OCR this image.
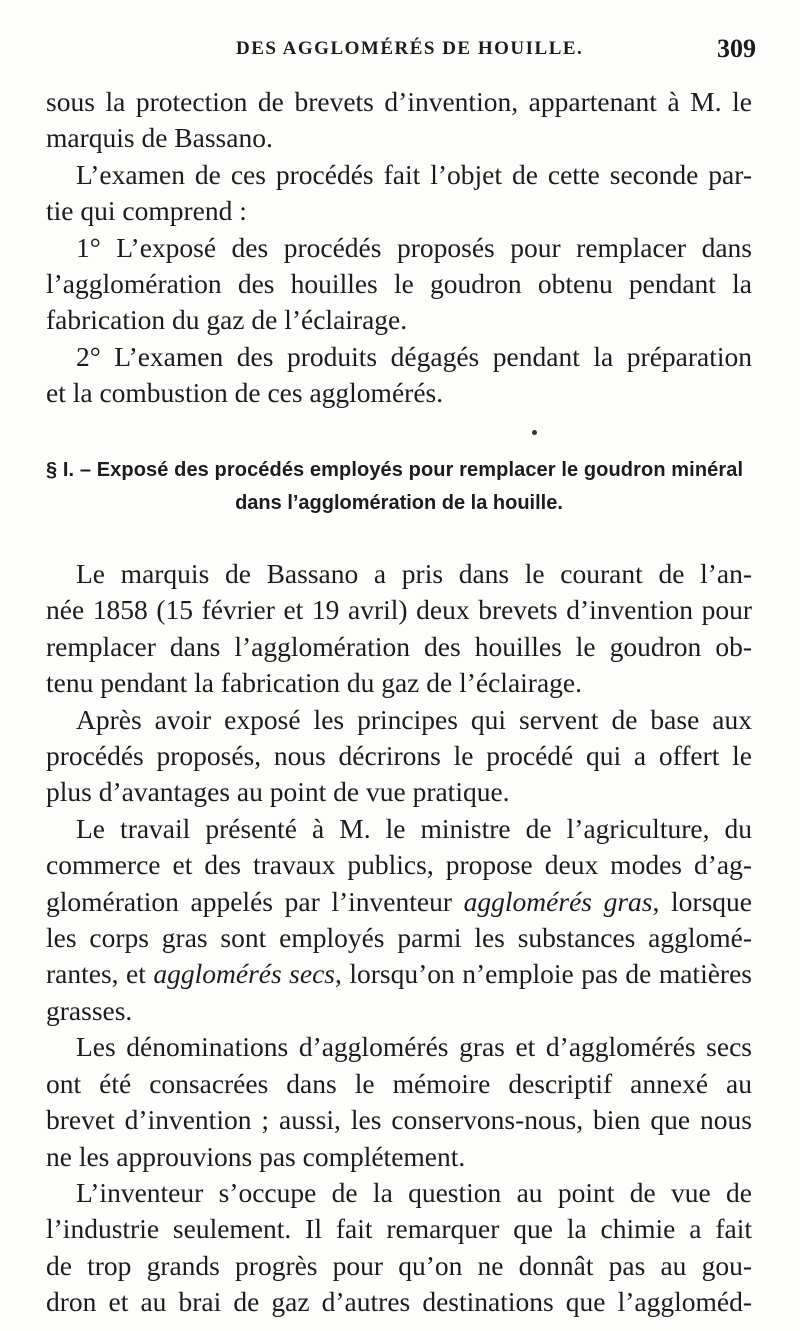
DES AGGLOMÉRÉS DE HOUILLE.	309
sous la protection de brevets d’invention, appartenant à M. le
marquis de Bassano.
L’examen de ces procédés fait l’objet de cette seconde par-
tie qui comprend :
1° L’exposé des procédés proposés pour remplacer dans
l’agglomération des houilles le goudron obtenu pendant la
fabrication du gaz de l’éclairage.
2° L’examen des produits dégagés pendant la préparation
et la combustion de ces agglomérés.
§ I. – Exposé des procédés employés pour remplacer le goudron minéral
dans l’agglomération de la houille.
Le marquis de Bassano a pris dans le courant de l’an-
née 1858 (15 février et 19 avril) deux brevets d’invention pour
remplacer dans l’agglomération des houilles le goudron ob-
tenu pendant la fabrication du gaz de l’éclairage.
Après avoir exposé les principes qui servent de base aux
procédés proposés, nous décrirons le procédé qui a offert le
plus d’avantages au point de vue pratique.
Le travail présenté à M. le ministre de l’agriculture, du
commerce et des travaux publics, propose deux modes d’ag-
glomération appelés par l’inventeur agglomérés gras, lorsque
les corps gras sont employés parmi les substances agglomé-
rantes, et agglomérés secs, lorsqu’on n’emploie pas de matières
grasses.
Les dénominations d’agglomérés gras et d’agglomérés secs
ont été consacrées dans le mémoire descriptif annexé au
brevet d’invention ; aussi, les conservons-nous, bien que nous
ne les approuvions pas complétement.
L’inventeur s’occupe de la question au point de vue de
l’industrie seulement. Il fait remarquer que la chimie a fait
de trop grands progrès pour qu’on ne donnât pas au gou-
dron et au brai de gaz d’autres destinations que l’aggloméd-
